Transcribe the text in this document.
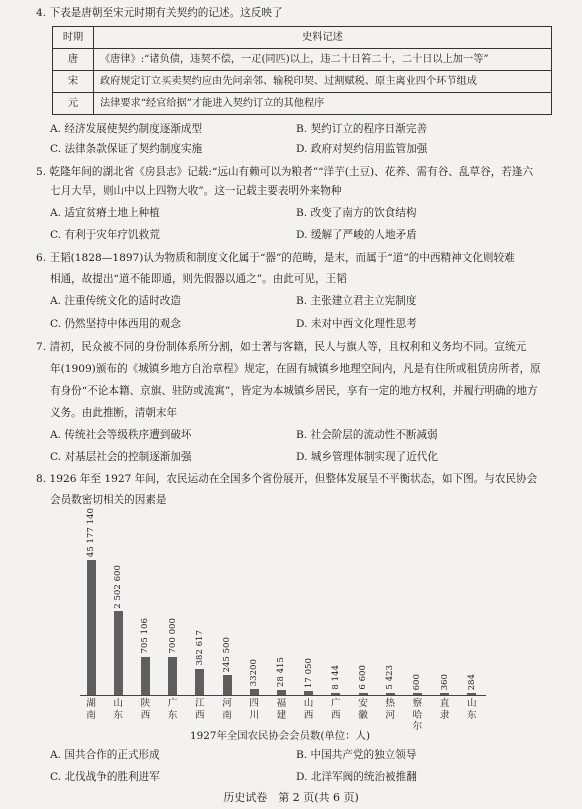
4. 下表是唐朝至宋元时期有关契约的记述。这反映了
时期	史料记述
唐	《唐律》:“诸负债，违契不偿，一疋(同匹)以上，违二十日笞二十，二十日以上加一等”
宋	政府规定订立买卖契约应由先问亲邻、输税印契、过割赋税、原主离业四个环节组成
元	法律要求“经官给据”才能进入契约订立的其他程序
A. 经济发展使契约制度逐渐成型	B. 契约订立的程序日渐完善
C. 法律条款保证了契约制度实施	D. 政府对契约信用监管加强
5. 乾隆年间的湖北省《房县志》记载:“远山有赖可以为粮者”“洋芋(土豆)、花养、需有谷、乱草谷，若逢六
七月大旱，则山中以上四物大收”。这一记载主要表明外来物种
A. 适宜贫瘠土地上种植	B. 改变了南方的饮食结构
C. 有利于灾年疗饥救荒	D. 缓解了严峻的人地矛盾
6. 王韬(1828—1897)认为物质和制度文化属于“器”的范畴，是末，而属于“道”的中西精神文化则较难
相通，故提出“道不能即通，则先假器以通之”。由此可见，王韬
A. 注重传统文化的适时改造	B. 主张建立君主立宪制度
C. 仍然坚持中体西用的观念	D. 未对中西文化理性思考
7. 清初，民众被不同的身份制体系所分割，如士著与客籍，民人与旗人等，且权利和义务均不同。宣统元
年(1909)颁布的《城镇乡地方自治章程》规定，在固有城镇乡地理空间内，凡是有住所或租赁房所者，原
有身份“不论本籍、京旗、驻防或流寓”，皆定为本城镇乡居民，享有一定的地方权利，并履行明确的地方
义务。由此推断，清朝末年
A. 传统社会等级秩序遭到破坏	B. 社会阶层的流动性不断减弱
C. 对基层社会的控制逐渐加强	D. 城乡管理体制实现了近代化
8. 1926 年至 1927 年间，农民运动在全国多个省份展开，但整体发展呈不平衡状态，如下图。与农民协会
会员数密切相关的因素是
45 177 140
湖南
2 502 600
山东
705 106
陕西
700 000
广东
382 617
江西
245 500
河南
33200
四川
28 415
福建
17 050
山西
8 144
广西
6 600
安徽
5 423
热河
600
察哈尔
360
直隶
284
山东
1927年全国农民协会会员数(单位：人)
A. 国共合作的正式形成	B. 中国共产党的独立领导
C. 北伐战争的胜利进军	D. 北洋军阀的统治被推翻
历史试卷　第 2 页(共 6 页)
